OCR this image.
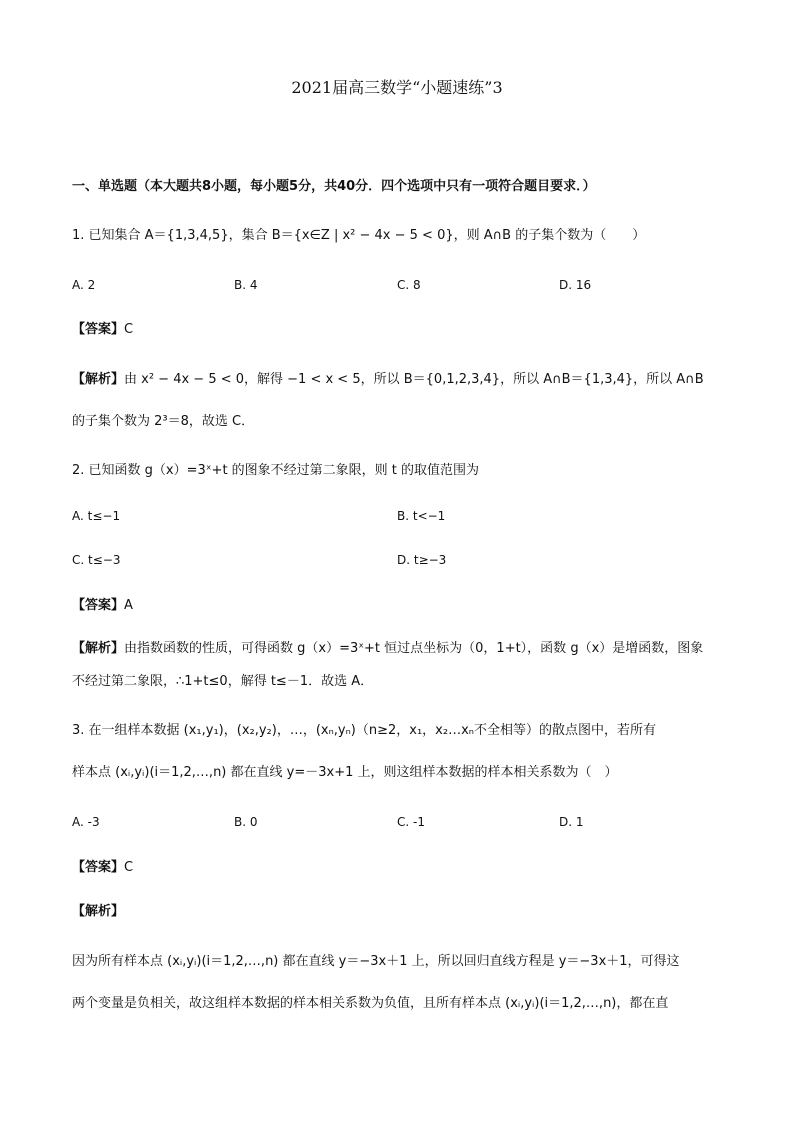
2021届高三数学“小题速练”3
一、单选题（本大题共8小题，每小题5分，共40分．四个选项中只有一项符合题目要求．）
1. 已知集合 A＝{1,3,4,5}，集合 B＝{x∈Z | x² − 4x − 5 < 0}，则 A∩B 的子集个数为（　　）
A. 2	B. 4	C. 8	D. 16
【答案】C
【解析】由 x² − 4x − 5 < 0，解得 −1 < x < 5，所以 B＝{0,1,2,3,4}，所以 A∩B＝{1,3,4}，所以 A∩B
的子集个数为 2³＝8，故选 C．
2. 已知函数 g（x）=3ˣ+t 的图象不经过第二象限，则 t 的取值范围为
A. t≤−1	B. t<−1
C. t≤−3	D. t≥−3
【答案】A
【解析】由指数函数的性质，可得函数 g（x）=3ˣ+t 恒过点坐标为（0，1+t），函数 g（x）是增函数，图象
不经过第二象限，∴1+t≤0，解得 t≤－1．故选 A．
3. 在一组样本数据 (x₁,y₁)，(x₂,y₂)，…，(xₙ,yₙ)（n≥2，x₁，x₂…xₙ不全相等）的散点图中，若所有
样本点 (xᵢ,yᵢ)(i＝1,2,…,n) 都在直线 y=－3x+1 上，则这组样本数据的样本相关系数为（　）
A. -3	B. 0	C. -1	D. 1
【答案】C
【解析】
因为所有样本点 (xᵢ,yᵢ)(i＝1,2,…,n) 都在直线 y＝−3x＋1 上，所以回归直线方程是 y＝−3x＋1，可得这
两个变量是负相关，故这组样本数据的样本相关系数为负值，且所有样本点 (xᵢ,yᵢ)(i＝1,2,…,n)，都在直
